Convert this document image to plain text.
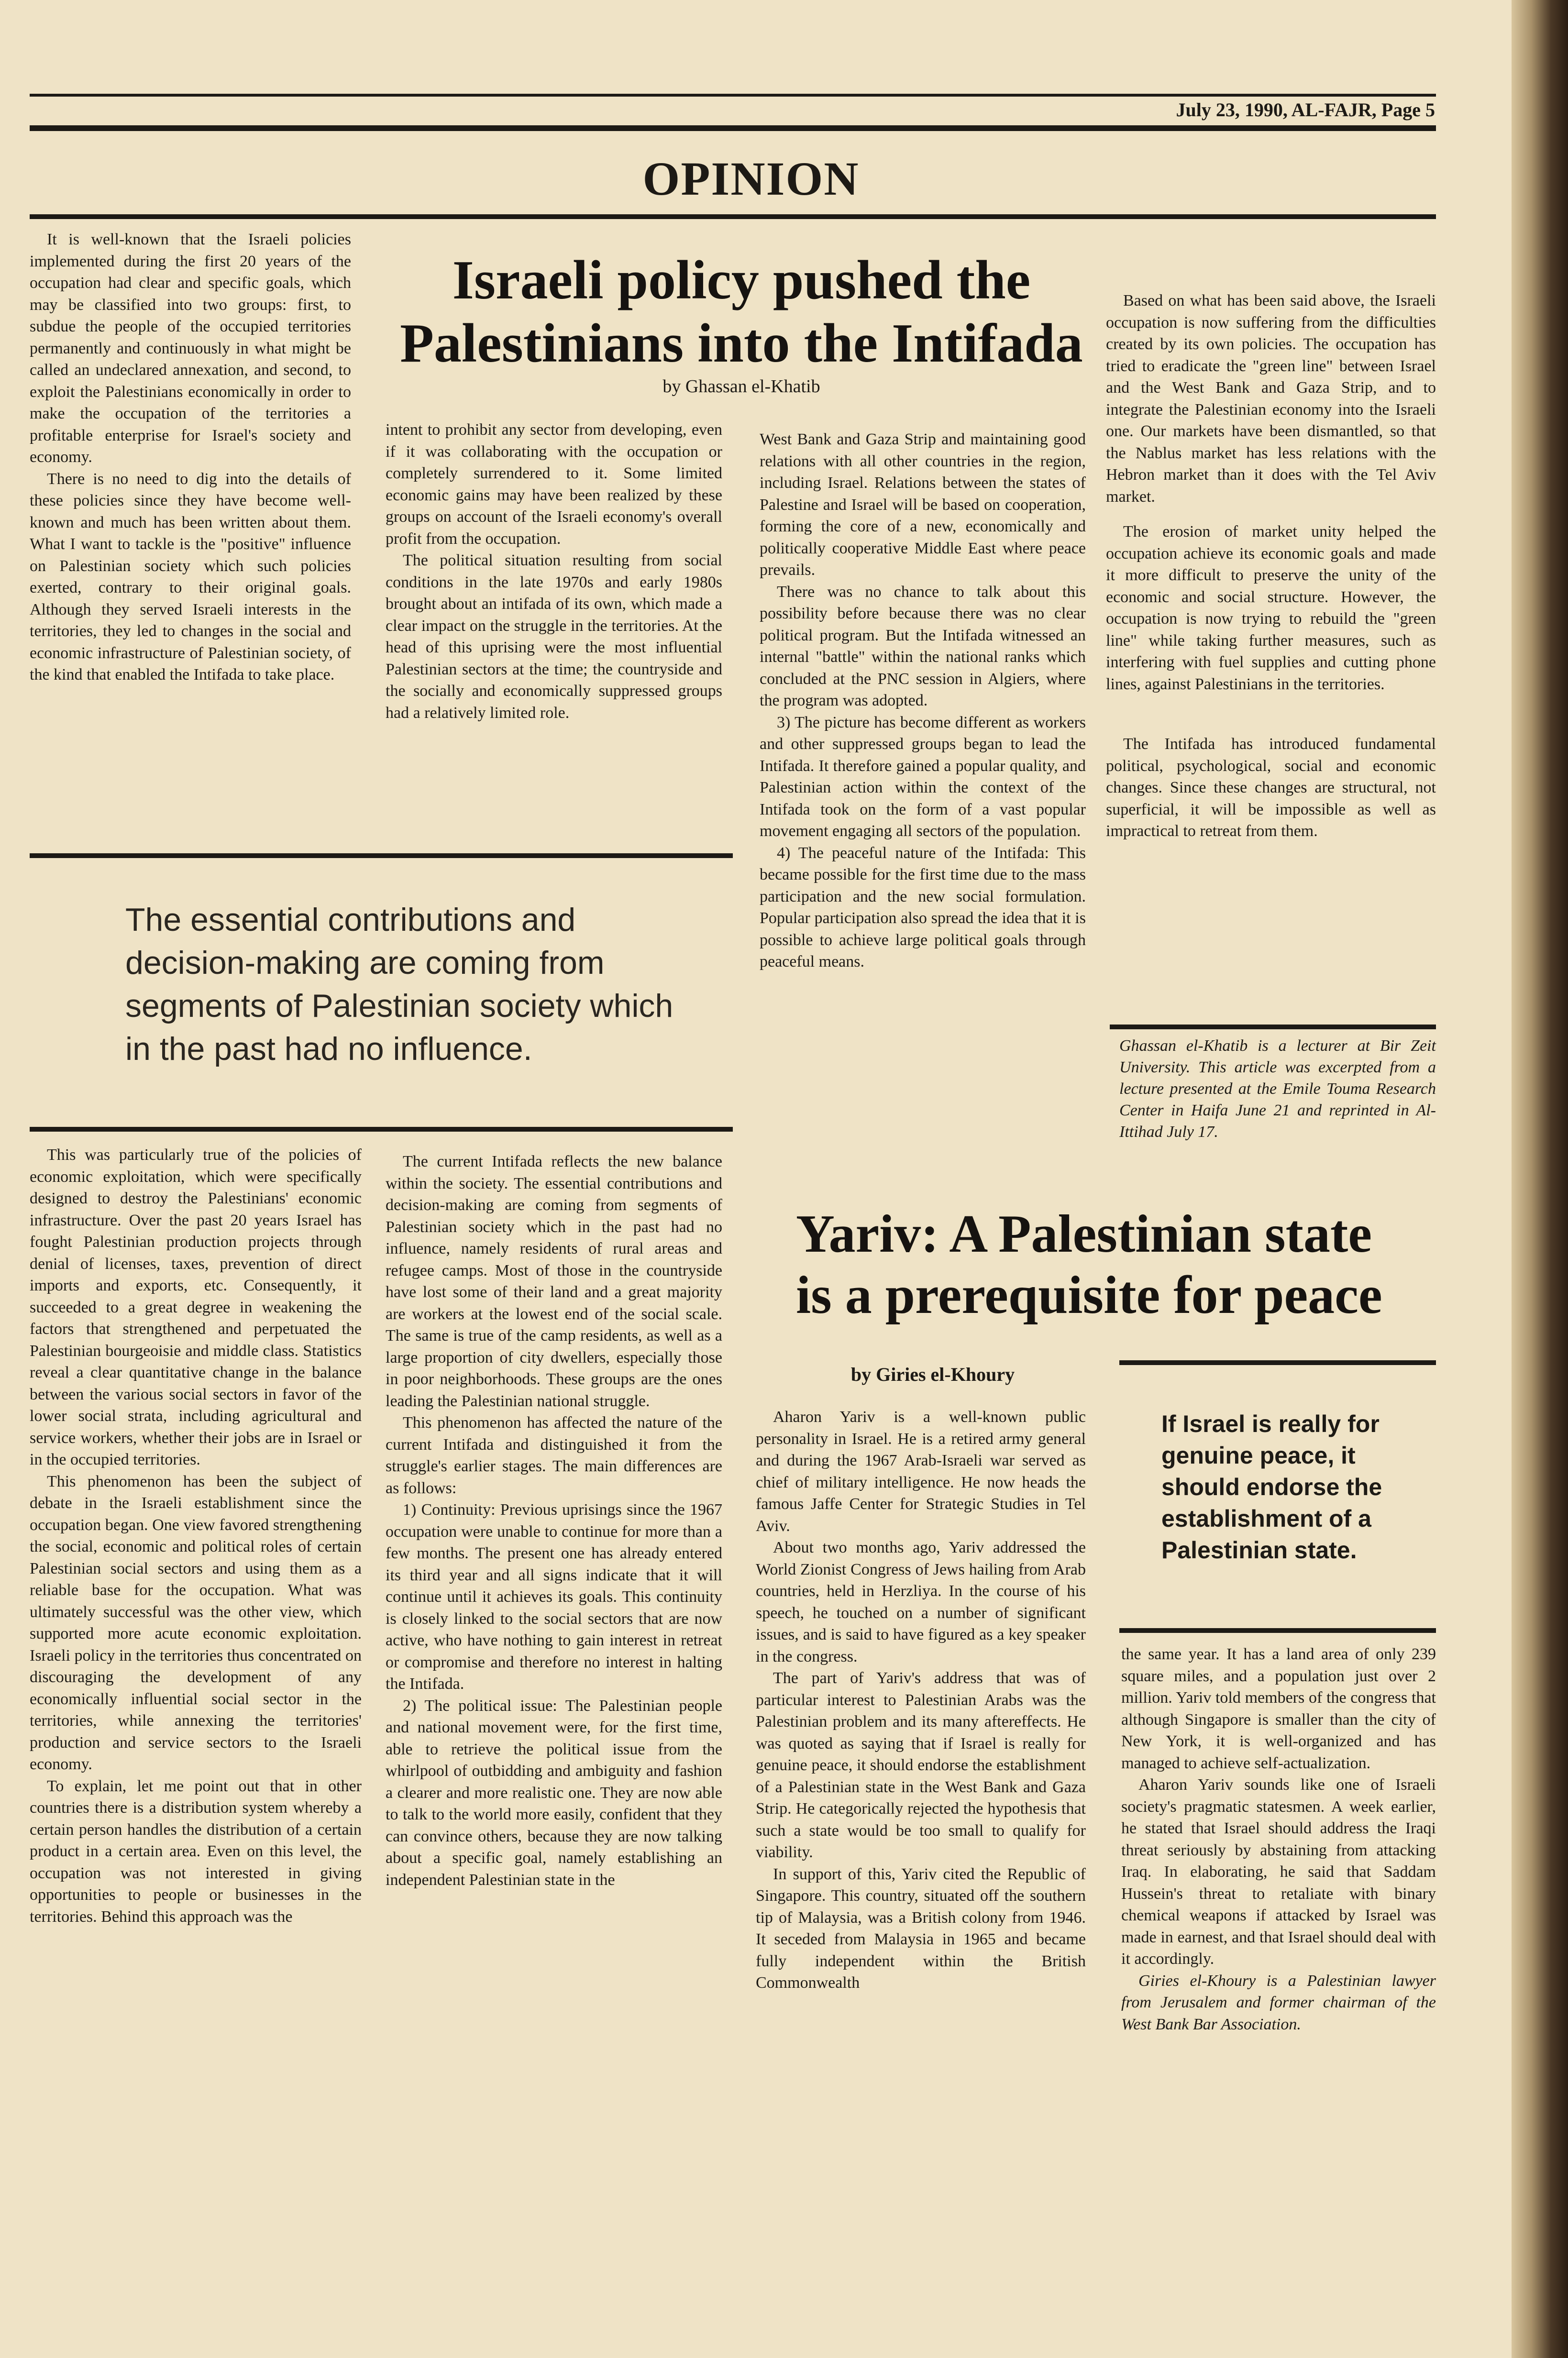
July 23, 1990, AL-FAJR, Page 5
OPINION
Israeli policy pushed the
Palestinians into the Intifada
by Ghassan el-Khatib

It is well-known that the Israeli policies implemented during the first 20 years of the occupation had clear and specific goals, which may be classified into two groups: first, to subdue the people of the occupied territories permanently and continuously in what might be called an undeclared annexation, and second, to exploit the Palestinians economically in order to make the occupation of the territories a profitable enterprise for Israel's society and economy.

There is no need to dig into the details of these policies since they have become well-known and much has been written about them. What I want to tackle is the "positive" influence on Palestinian society which such policies exerted, contrary to their original goals. Although they served Israeli interests in the territories, they led to changes in the social and economic infrastructure of Palestinian society, of the kind that enabled the Intifada to take place.

intent to prohibit any sector from developing, even if it was collaborating with the occupation or completely surrendered to it. Some limited economic gains may have been realized by these groups on account of the Israeli economy's overall profit from the occupation.

The political situation resulting from social conditions in the late 1970s and early 1980s brought about an intifada of its own, which made a clear impact on the struggle in the territories. At the head of this uprising were the most influential Palestinian sectors at the time; the countryside and the socially and economically suppressed groups had a relatively limited role.

West Bank and Gaza Strip and maintaining good relations with all other countries in the region, including Israel. Relations between the states of Palestine and Israel will be based on cooperation, forming the core of a new, economically and politically cooperative Middle East where peace prevails.

There was no chance to talk about this possibility before because there was no clear political program. But the Intifada witnessed an internal "battle" within the national ranks which concluded at the PNC session in Algiers, where the program was adopted.

3) The picture has become different as workers and other suppressed groups began to lead the Intifada. It therefore gained a popular quality, and Palestinian action within the context of the Intifada took on the form of a vast popular movement engaging all sectors of the population.

4) The peaceful nature of the Intifada: This became possible for the first time due to the mass participation and the new social formulation. Popular participation also spread the idea that it is possible to achieve large political goals through peaceful means.

Based on what has been said above, the Israeli occupation is now suffering from the difficulties created by its own policies. The occupation has tried to eradicate the "green line" between Israel and the West Bank and Gaza Strip, and to integrate the Palestinian economy into the Israeli one. Our markets have been dismantled, so that the Nablus market has less relations with the Hebron market than it does with the Tel Aviv market.

The erosion of market unity helped the occupation achieve its economic goals and made it more difficult to preserve the unity of the economic and social structure. However, the occupation is now trying to rebuild the "green line" while taking further measures, such as interfering with fuel supplies and cutting phone lines, against Palestinians in the territories.

The Intifada has introduced fundamental political, psychological, social and economic changes. Since these changes are structural, not superficial, it will be impossible as well as impractical to retreat from them.

Ghassan el-Khatib is a lecturer at Bir Zeit University. This article was excerpted from a lecture presented at the Emile Touma Research Center in Haifa June 21 and reprinted in Al-Ittihad July 17.
The essential contributions and decision-making are coming from segments of Palestinian society which in the past had no influence.

This was particularly true of the policies of economic exploitation, which were specifically designed to destroy the Palestinians' economic infrastructure. Over the past 20 years Israel has fought Palestinian production projects through denial of licenses, taxes, prevention of direct imports and exports, etc. Consequently, it succeeded to a great degree in weakening the factors that strengthened and perpetuated the Palestinian bourgeoisie and middle class. Statistics reveal a clear quantitative change in the balance between the various social sectors in favor of the lower social strata, including agricultural and service workers, whether their jobs are in Israel or in the occupied territories.

This phenomenon has been the subject of debate in the Israeli establishment since the occupation began. One view favored strengthening the social, economic and political roles of certain Palestinian social sectors and using them as a reliable base for the occupation. What was ultimately successful was the other view, which supported more acute economic exploitation. Israeli policy in the territories thus concentrated on discouraging the development of any economically influential social sector in the territories, while annexing the territories' production and service sectors to the Israeli economy.

To explain, let me point out that in other countries there is a distribution system whereby a certain person handles the distribution of a certain product in a certain area. Even on this level, the occupation was not interested in giving opportunities to people or businesses in the territories. Behind this approach was the

The current Intifada reflects the new balance within the society. The essential contributions and decision-making are coming from segments of Palestinian society which in the past had no influence, namely residents of rural areas and refugee camps. Most of those in the countryside have lost some of their land and a great majority are workers at the lowest end of the social scale. The same is true of the camp residents, as well as a large proportion of city dwellers, especially those in poor neighborhoods. These groups are the ones leading the Palestinian national struggle.

This phenomenon has affected the nature of the current Intifada and distinguished it from the struggle's earlier stages. The main differences are as follows:

1) Continuity: Previous uprisings since the 1967 occupation were unable to continue for more than a few months. The present one has already entered its third year and all signs indicate that it will continue until it achieves its goals. This continuity is closely linked to the social sectors that are now active, who have nothing to gain interest in retreat or compromise and therefore no interest in halting the Intifada.

2) The political issue: The Palestinian people and national movement were, for the first time, able to retrieve the political issue from the whirlpool of outbidding and ambiguity and fashion a clearer and more realistic one. They are now able to talk to the world more easily, confident that they can convince others, because they are now talking about a specific goal, namely establishing an independent Palestinian state in the

Yariv: A Palestinian state
is a prerequisite for peace
by Giries el-Khoury
If Israel is really for genuine peace, it should endorse the establishment of a Palestinian state.

Aharon Yariv is a well-known public personality in Israel. He is a retired army general and during the 1967 Arab-Israeli war served as chief of military intelligence. He now heads the famous Jaffe Center for Strategic Studies in Tel Aviv.

About two months ago, Yariv addressed the World Zionist Congress of Jews hailing from Arab countries, held in Herzliya. In the course of his speech, he touched on a number of significant issues, and is said to have figured as a key speaker in the congress.

The part of Yariv's address that was of particular interest to Palestinian Arabs was the Palestinian problem and its many aftereffects. He was quoted as saying that if Israel is really for genuine peace, it should endorse the establishment of a Palestinian state in the West Bank and Gaza Strip. He categorically rejected the hypothesis that such a state would be too small to qualify for viability.

In support of this, Yariv cited the Republic of Singapore. This country, situated off the southern tip of Malaysia, was a British colony from 1946. It seceded from Malaysia in 1965 and became fully independent within the British Commonwealth

the same year. It has a land area of only 239 square miles, and a population just over 2 million. Yariv told members of the congress that although Singapore is smaller than the city of New York, it is well-organized and has managed to achieve self-actualization.

Aharon Yariv sounds like one of Israeli society's pragmatic statesmen. A week earlier, he stated that Israel should address the Iraqi threat seriously by abstaining from attacking Iraq. In elaborating, he said that Saddam Hussein's threat to retaliate with binary chemical weapons if attacked by Israel was made in earnest, and that Israel should deal with it accordingly.

Giries el-Khoury is a Palestinian lawyer from Jerusalem and former chairman of the West Bank Bar Association.
